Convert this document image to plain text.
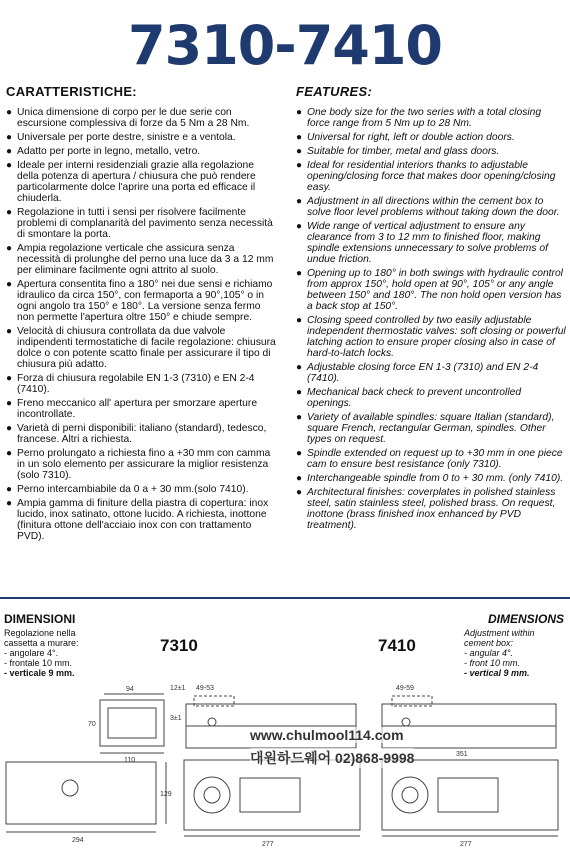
7310-7410
CARATTERISTICHE:
● Unica dimensione di corpo per le due serie con escursione complessiva di forze da 5 Nm a 28 Nm.
● Universale per porte destre, sinistre e a ventola.
● Adatto per porte in legno, metallo, vetro.
● Ideale per interni residenziali grazie alla regolazione della potenza di apertura / chiusura che può rendere particolarmente dolce l'aprire una porta ed efficace il chiuderla.
● Regolazione in tutti i sensi per risolvere facilmente problemi di complanarità del pavimento senza necessità di smontare la porta.
● Ampia regolazione verticale che assicura senza necessità di prolunghe del perno una luce da 3 a 12 mm per eliminare facilmente ogni attrito al suolo.
● Apertura consentita fino a 180° nei due sensi e richiamo idraulico da circa 150°, con fermaporta a 90°,105° o in ogni angolo tra 150° e 180°. La versione senza fermo non permette l'apertura oltre 150° e chiude sempre.
● Velocità di chiusura controllata da due valvole indipendenti termostatiche di facile regolazione: chiusura dolce o con potente scatto finale per assicurare il tipo di chiusura più adatto.
● Forza di chiusura regolabile EN 1-3 (7310) e EN 2-4 (7410).
● Freno meccanico all' apertura per smorzare aperture incontrollate.
● Varietà di perni disponibili: italiano (standard), tedesco, francese. Altri a richiesta.
● Perno prolungato a richiesta fino a +30 mm con camma in un solo elemento per assicurare la miglior resistenza (solo 7310).
● Perno intercambiabile da 0 a + 30 mm.(solo 7410).
● Ampia gamma di finiture della piastra di copertura: inox lucido, inox satinato, ottone lucido. A richiesta, inottone (finitura ottone dell'acciaio inox con con trattamento PVD).
FEATURES:
● One body size for the two series with a total closing force range from 5 Nm up to 28 Nm.
● Universal for right, left or double action doors.
● Suitable for timber, metal and glass doors.
● Ideal for residential interiors thanks to adjustable opening/closing force that makes door opening/closing easy.
● Adjustment in all directions within the cement box to solve floor level problems without taking down the door.
● Wide range of vertical adjustment to ensure any clearance from 3 to 12 mm to finished floor, making spindle extensions unnecessary to solve problems of undue friction.
● Opening up to 180° in both swings with hydraulic control from approx 150°, hold open at 90°, 105° or any angle between 150° and 180°. The non hold open version has a back stop at 150°.
● Closing speed controlled by two easily adjustable independent thermostatic valves: soft closing or powerful latching action to ensure proper closing also in case of hard-to-latch locks.
● Adjustable closing force EN 1-3 (7310) and EN 2-4 (7410).
● Mechanical back check to prevent uncontrolled openings.
● Variety of available spindles: square Italian (standard), square French, rectangular German, spindles. Other types on request.
● Spindle extended on request up to +30 mm in one piece cam to ensure best resistance (only 7310).
● Interchangeable spindle from 0 to + 30 mm. (only 7410).
● Architectural finishes: coverplates in polished stainless steel, satin stainless steel, polished brass. On request, inottone (brass finished inox enhanced by PVD treatment).
DIMENSIONI
Regolazione nella
cassetta a murare:
- angolare 4°.
- frontale 10 mm.
- verticale 9 mm.
DIMENSIONS
Adjustment within
cement box:
- angular 4°.
- front 10 mm.
- vertical 9 mm.
7310	7410
94
70
110
49-53
12±1
3±1
49-59
129
294
277	277
351
www.chulmool114.com
대원하드웨어 02)868-9998
